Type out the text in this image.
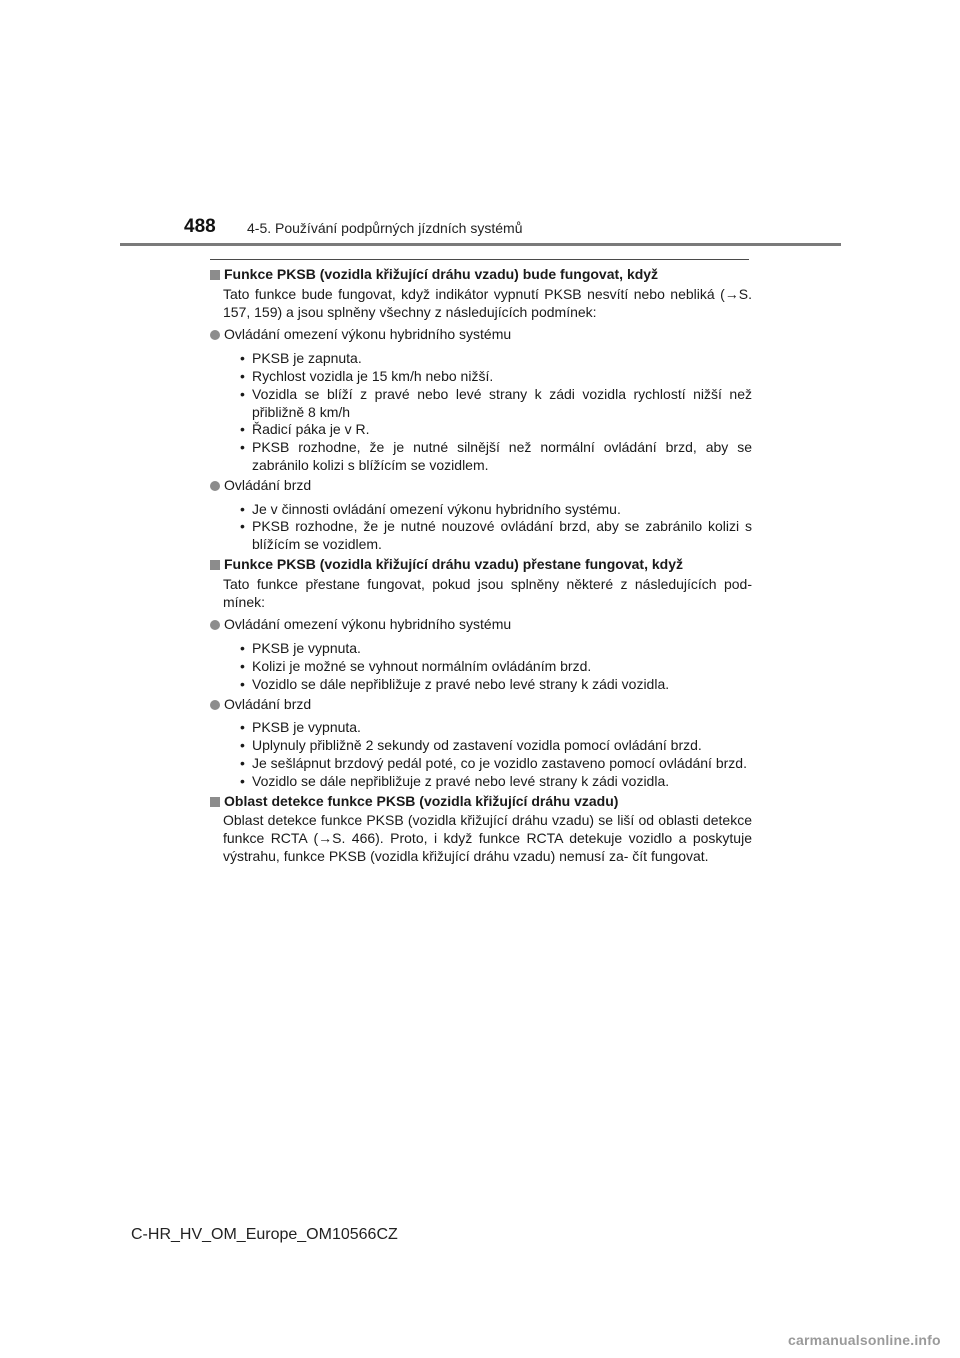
488 4-5. Používání podpůrných jízdních systémů
Funkce PKSB (vozidla křižující dráhu vzadu) bude fungovat, když
Tato funkce bude fungovat, když indikátor vypnutí PKSB nesvítí nebo nebliká (→S. 157, 159) a jsou splněny všechny z následujících podmínek:
Ovládání omezení výkonu hybridního systému
• PKSB je zapnuta.
• Rychlost vozidla je 15 km/h nebo nižší.
• Vozidla se blíží z pravé nebo levé strany k zádi vozidla rychlostí nižší než přibližně 8 km/h
• Řadicí páka je v R.
• PKSB rozhodne, že je nutné silnější než normální ovládání brzd, aby se zabránilo kolizi s blížícím se vozidlem.
Ovládání brzd
• Je v činnosti ovládání omezení výkonu hybridního systému.
• PKSB rozhodne, že je nutné nouzové ovládání brzd, aby se zabránilo kolizi s blížícím se vozidlem.
Funkce PKSB (vozidla křižující dráhu vzadu) přestane fungovat, když
Tato funkce přestane fungovat, pokud jsou splněny některé z následujících pod- mínek:
Ovládání omezení výkonu hybridního systému
• PKSB je vypnuta.
• Kolizi je možné se vyhnout normálním ovládáním brzd.
• Vozidlo se dále nepřibližuje z pravé nebo levé strany k zádi vozidla.
Ovládání brzd
• PKSB je vypnuta.
• Uplynuly přibližně 2 sekundy od zastavení vozidla pomocí ovládání brzd.
• Je sešlápnut brzdový pedál poté, co je vozidlo zastaveno pomocí ovládání brzd.
• Vozidlo se dále nepřibližuje z pravé nebo levé strany k zádi vozidla.
Oblast detekce funkce PKSB (vozidla křižující dráhu vzadu)
Oblast detekce funkce PKSB (vozidla křižující dráhu vzadu) se liší od oblasti detekce funkce RCTA (→S. 466). Proto, i když funkce RCTA detekuje vozidlo a poskytuje výstrahu, funkce PKSB (vozidla křižující dráhu vzadu) nemusí za- čít fungovat.
C-HR_HV_OM_Europe_OM10566CZ
carmanualsonline.info
